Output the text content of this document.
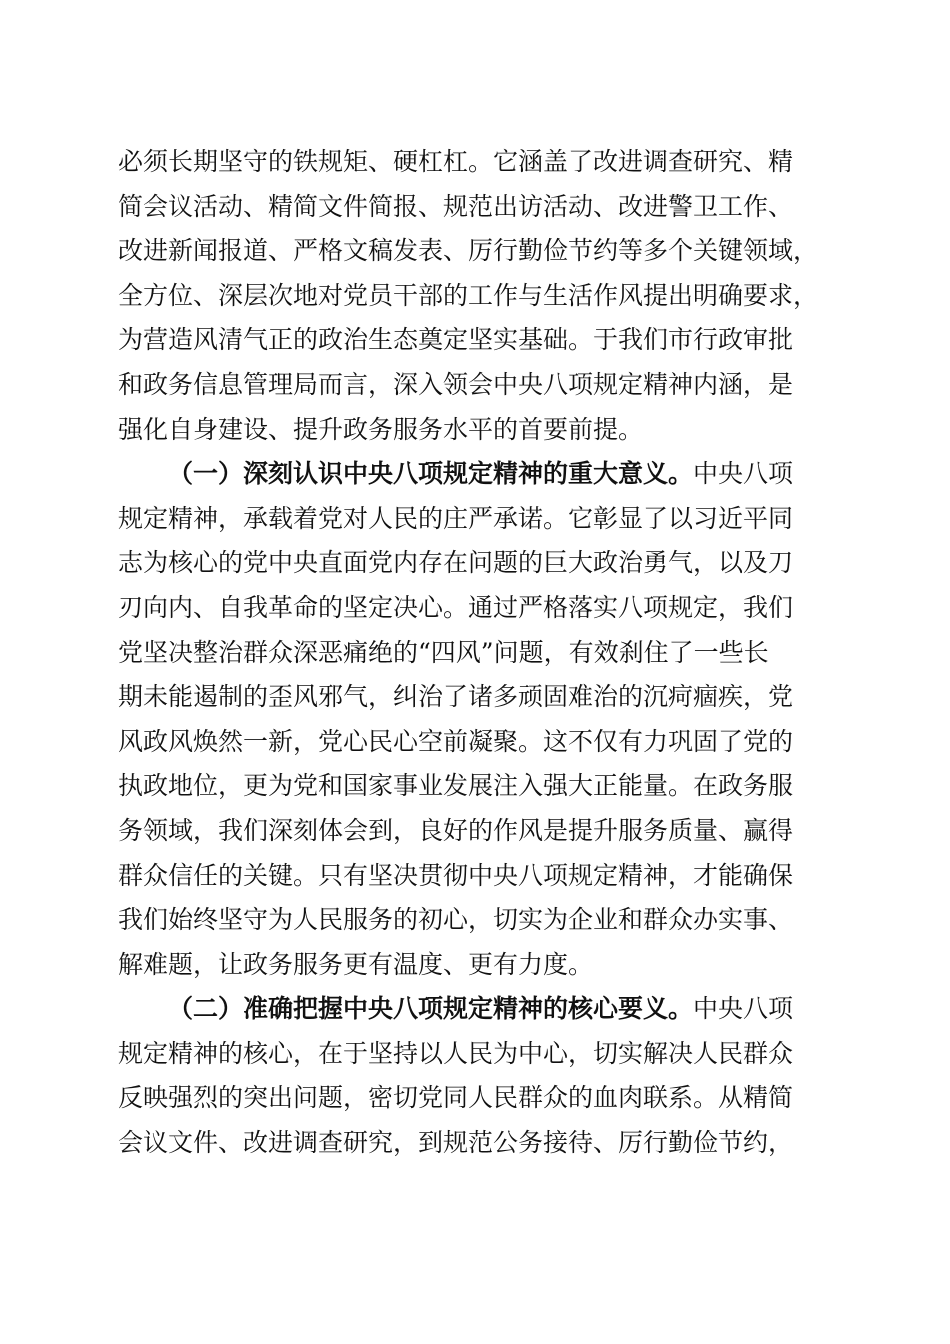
必须长期坚守的铁规矩、硬杠杠。它涵盖了改进调查研究、精
简会议活动、精简文件简报、规范出访活动、改进警卫工作、
改进新闻报道、严格文稿发表、厉行勤俭节约等多个关键领域，
全方位、深层次地对党员干部的工作与生活作风提出明确要求，
为营造风清气正的政治生态奠定坚实基础。于我们市行政审批
和政务信息管理局而言，深入领会中央八项规定精神内涵，是
强化自身建设、提升政务服务水平的首要前提。
（一）深刻认识中央八项规定精神的重大意义。中央八项
规定精神，承载着党对人民的庄严承诺。它彰显了以习近平同
志为核心的党中央直面党内存在问题的巨大政治勇气，以及刀
刃向内、自我革命的坚定决心。通过严格落实八项规定，我们
党坚决整治群众深恶痛绝的“四风”问题，有效刹住了一些长
期未能遏制的歪风邪气，纠治了诸多顽固难治的沉疴痼疾，党
风政风焕然一新，党心民心空前凝聚。这不仅有力巩固了党的
执政地位，更为党和国家事业发展注入强大正能量。在政务服
务领域，我们深刻体会到，良好的作风是提升服务质量、赢得
群众信任的关键。只有坚决贯彻中央八项规定精神，才能确保
我们始终坚守为人民服务的初心，切实为企业和群众办实事、
解难题，让政务服务更有温度、更有力度。
（二）准确把握中央八项规定精神的核心要义。中央八项
规定精神的核心，在于坚持以人民为中心，切实解决人民群众
反映强烈的突出问题，密切党同人民群众的血肉联系。从精简
会议文件、改进调查研究，到规范公务接待、厉行勤俭节约，
